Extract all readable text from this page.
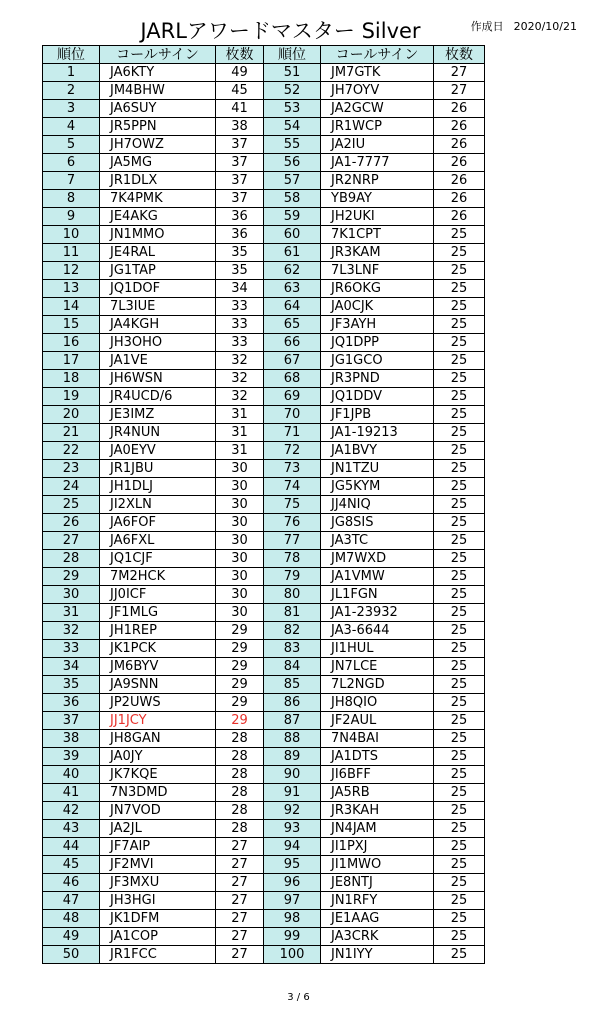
JARLアワードマスター Silver	作成日 2020/10/21
順位	コールサイン	枚数	順位	コールサイン	枚数
1	JA6KTY	49	51	JM7GTK	27
2	JM4BHW	45	52	JH7OYV	27
3	JA6SUY	41	53	JA2GCW	26
4	JR5PPN	38	54	JR1WCP	26
5	JH7OWZ	37	55	JA2IU	26
6	JA5MG	37	56	JA1-7777	26
7	JR1DLX	37	57	JR2NRP	26
8	7K4PMK	37	58	YB9AY	26
9	JE4AKG	36	59	JH2UKI	26
10	JN1MMO	36	60	7K1CPT	25
11	JE4RAL	35	61	JR3KAM	25
12	JG1TAP	35	62	7L3LNF	25
13	JQ1DOF	34	63	JR6OKG	25
14	7L3IUE	33	64	JA0CJK	25
15	JA4KGH	33	65	JF3AYH	25
16	JH3OHO	33	66	JQ1DPP	25
17	JA1VE	32	67	JG1GCO	25
18	JH6WSN	32	68	JR3PND	25
19	JR4UCD/6	32	69	JQ1DDV	25
20	JE3IMZ	31	70	JF1JPB	25
21	JR4NUN	31	71	JA1-19213	25
22	JA0EYV	31	72	JA1BVY	25
23	JR1JBU	30	73	JN1TZU	25
24	JH1DLJ	30	74	JG5KYM	25
25	JI2XLN	30	75	JJ4NIQ	25
26	JA6FOF	30	76	JG8SIS	25
27	JA6FXL	30	77	JA3TC	25
28	JQ1CJF	30	78	JM7WXD	25
29	7M2HCK	30	79	JA1VMW	25
30	JJ0ICF	30	80	JL1FGN	25
31	JF1MLG	30	81	JA1-23932	25
32	JH1REP	29	82	JA3-6644	25
33	JK1PCK	29	83	JI1HUL	25
34	JM6BYV	29	84	JN7LCE	25
35	JA9SNN	29	85	7L2NGD	25
36	JP2UWS	29	86	JH8QIO	25
37	JJ1JCY	29	87	JF2AUL	25
38	JH8GAN	28	88	7N4BAI	25
39	JA0JY	28	89	JA1DTS	25
40	JK7KQE	28	90	JI6BFF	25
41	7N3DMD	28	91	JA5RB	25
42	JN7VOD	28	92	JR3KAH	25
43	JA2JL	28	93	JN4JAM	25
44	JF7AIP	27	94	JI1PXJ	25
45	JF2MVI	27	95	JI1MWO	25
46	JF3MXU	27	96	JE8NTJ	25
47	JH3HGI	27	97	JN1RFY	25
48	JK1DFM	27	98	JE1AAG	25
49	JA1COP	27	99	JA3CRK	25
50	JR1FCC	27	100	JN1IYY	25
3 / 6
